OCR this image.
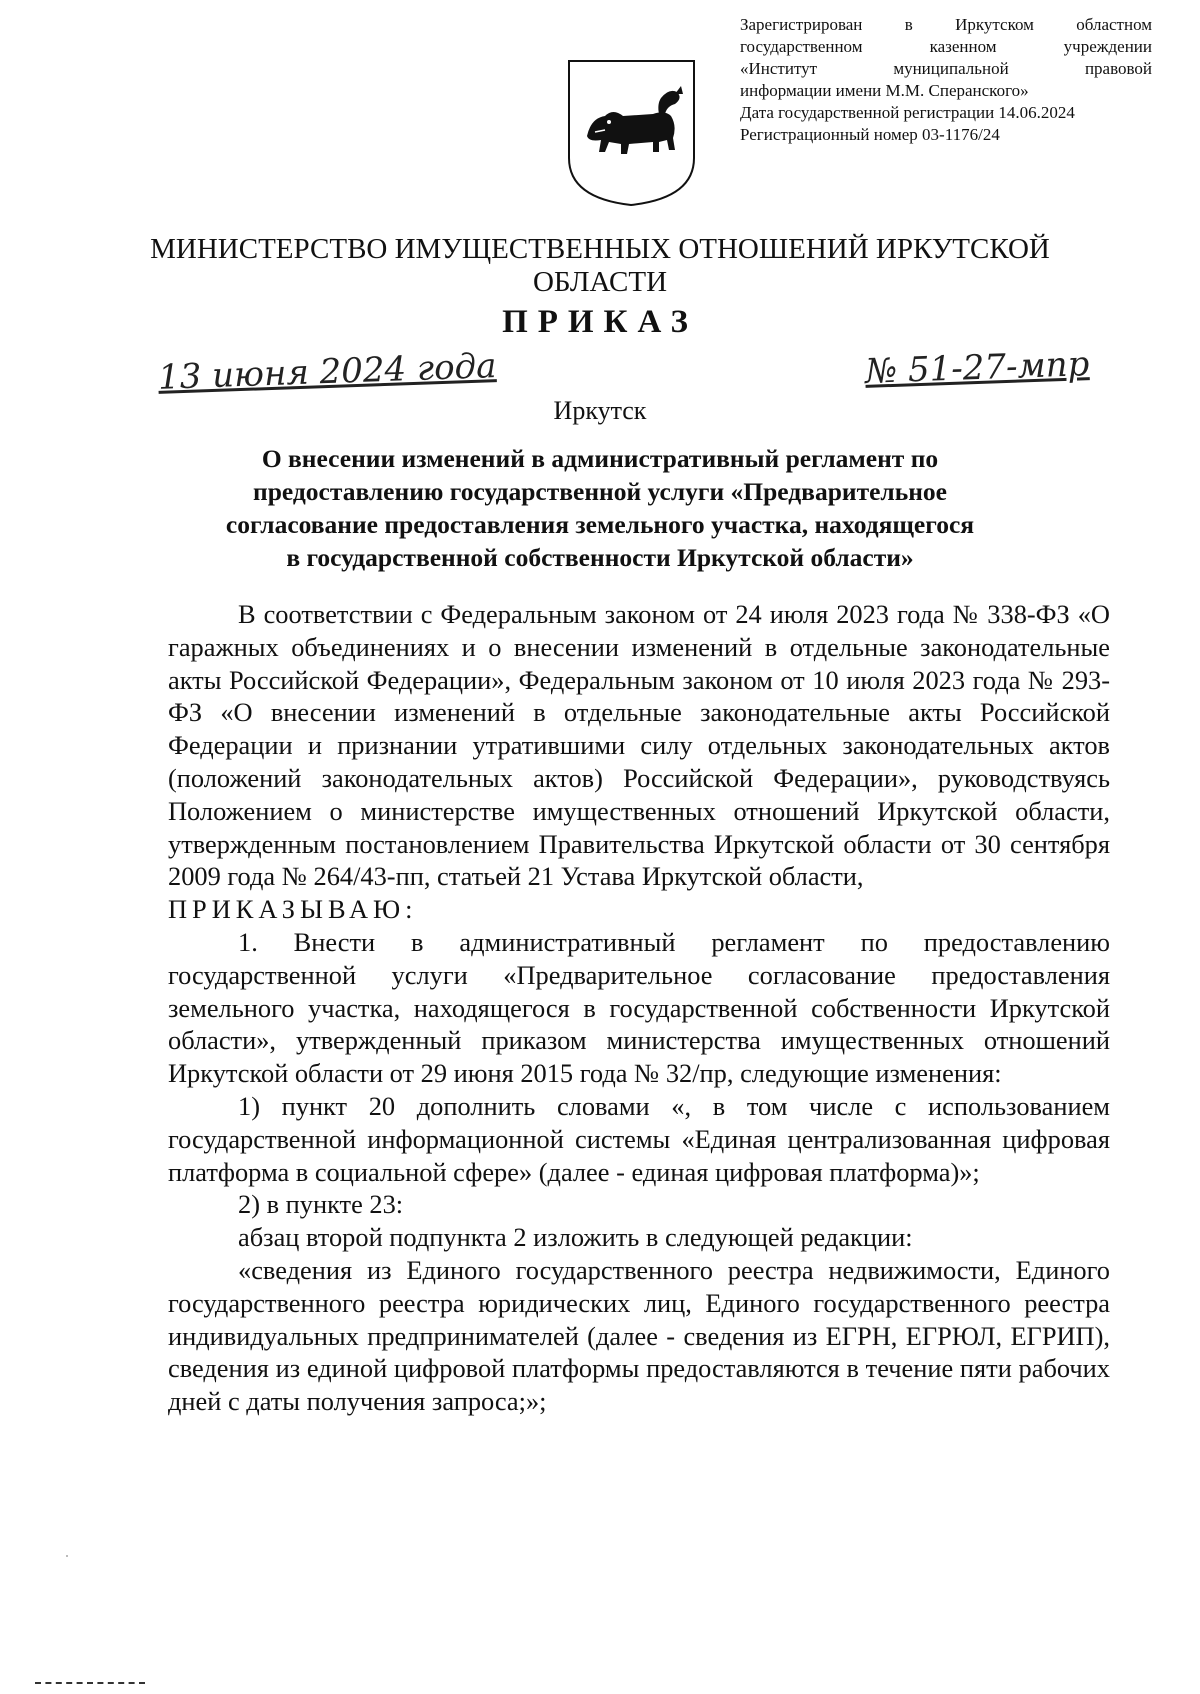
Зарегистрирован в Иркутском областном
государственном казенном учреждении
«Институт муниципальной правовой
информации имени М.М. Сперанского»
Дата государственной регистрации 14.06.2024
Регистрационный номер 03-1176/24
МИНИСТЕРСТВО ИМУЩЕСТВЕННЫХ ОТНОШЕНИЙ ИРКУТСКОЙ
ОБЛАСТИ
ПРИКАЗ
13 июня 2024 года	№ 51-27-мпр
Иркутск
О внесении изменений в административный регламент по
предоставлению государственной услуги «Предварительное
согласование предоставления земельного участка, находящегося
в государственной собственности Иркутской области»

В соответствии с Федеральным законом от 24 июля 2023 года № 338-ФЗ «О гаражных объединениях и о внесении изменений в отдельные законодательные акты Российской Федерации», Федеральным законом от 10 июля 2023 года № 293-ФЗ «О внесении изменений в отдельные законодательные акты Российской Федерации и признании утратившими силу отдельных законодательных актов (положений законодательных актов) Российской Федерации», руководствуясь Положением о министерстве имущественных отношений Иркутской области, утвержденным постановлением Правительства Иркутской области от 30 сентября 2009 года № 264/43-пп, статьей 21 Устава Иркутской области,

ПРИКАЗЫВАЮ:

1. Внести в административный регламент по предоставлению государственной услуги «Предварительное согласование предоставления земельного участка, находящегося в государственной собственности Иркутской области», утвержденный приказом министерства имущественных отношений Иркутской области от 29 июня 2015 года № 32/пр, следующие изменения:

1) пункт 20 дополнить словами «, в том числе с использованием государственной информационной системы «Единая централизованная цифровая платформа в социальной сфере» (далее - единая цифровая платформа)»;

2) в пункте 23:

абзац второй подпункта 2 изложить в следующей редакции:

«сведения из Единого государственного реестра недвижимости, Единого государственного реестра юридических лиц, Единого государственного реестра индивидуальных предпринимателей (далее - сведения из ЕГРН, ЕГРЮЛ, ЕГРИП), сведения из единой цифровой платформы предоставляются в течение пяти рабочих дней с даты получения запроса;»;
